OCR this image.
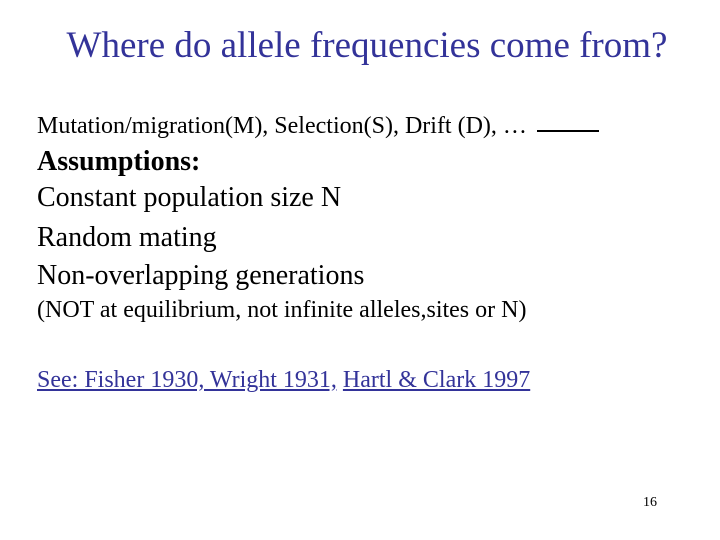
Where do allele frequencies come from?
Mutation/migration(M), Selection(S), Drift (D), …
Assumptions:
Constant population size N
Random mating
Non-overlapping generations
(NOT at equilibrium, not infinite alleles,sites or N)
See: Fisher 1930, Wright 1931, Hartl & Clark 1997
16
